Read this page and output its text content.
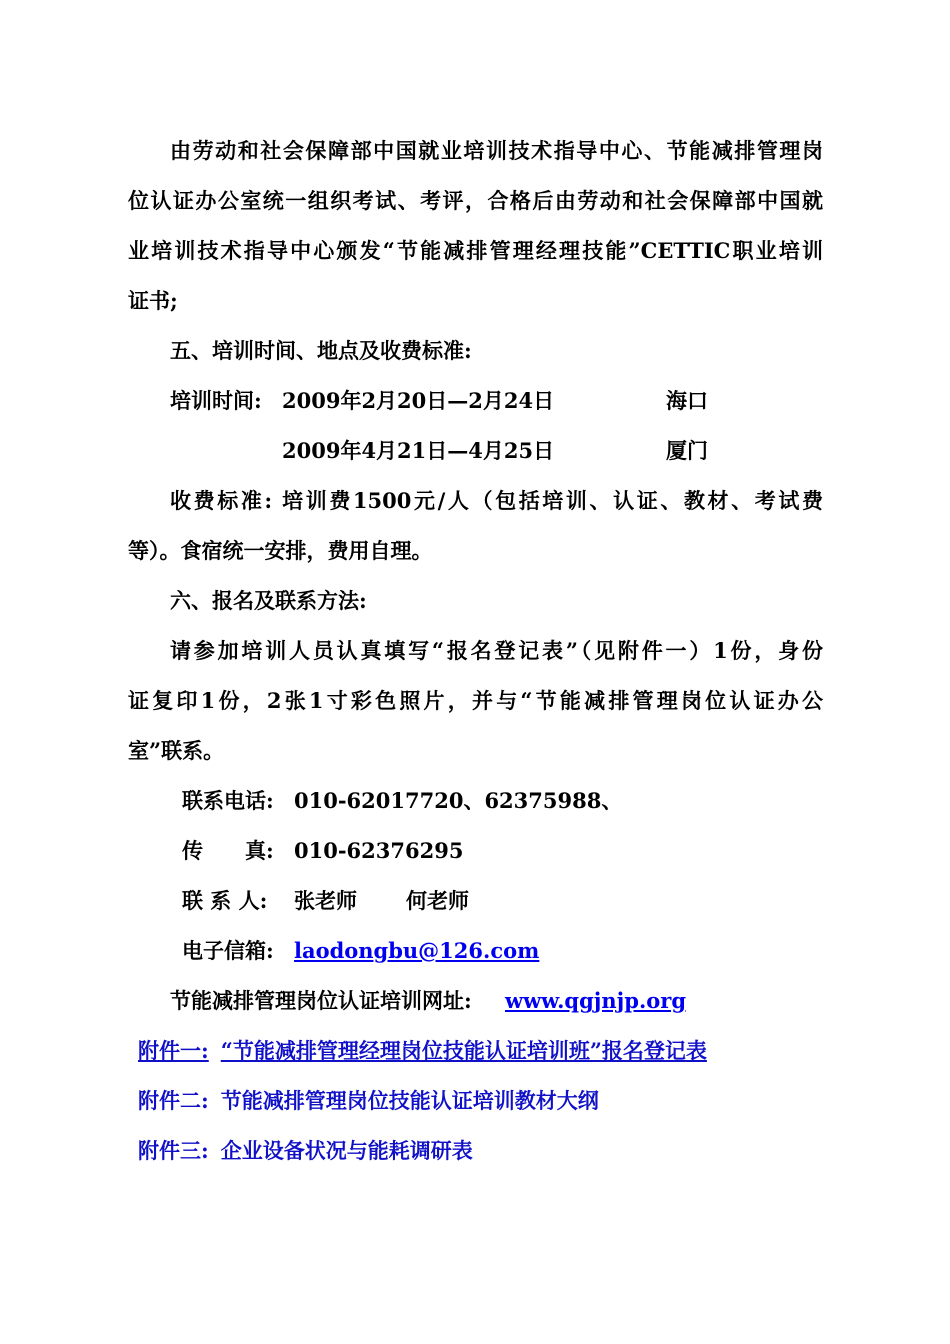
由劳动和社会保障部中国就业培训技术指导中心、节能减排管理岗
位认证办公室统一组织考试、考评，合格后由劳动和社会保障部中国就
业培训技术指导中心颁发“节能减排管理经理技能”CETTIC职业培训
证书;
五、培训时间、地点及收费标准:
培训时间: 2009年2月20日—2月24日	海口
2009年4月21日—4月25日	厦门
收费标准: 培训费1500元/人（包括培训、认证、教材、考试费
等）。食宿统一安排，费用自理。
六、报名及联系方法:
请参加培训人员认真填写“报名登记表”（见附件一）1份，身份
证复印1份，2张1寸彩色照片，并与“节能减排管理岗位认证办公
室”联系。
联系电话: 010-62017720、62375988、
传　　真: 010-62376295
联 系 人: 张老师 何老师
电子信箱: laodongbu@126.com
节能减排管理岗位认证培训网址: www.qgjnjp.org
附件一: “节能减排管理经理岗位技能认证培训班”报名登记表
附件二: 节能减排管理岗位技能认证培训教材大纲
附件三: 企业设备状况与能耗调研表
